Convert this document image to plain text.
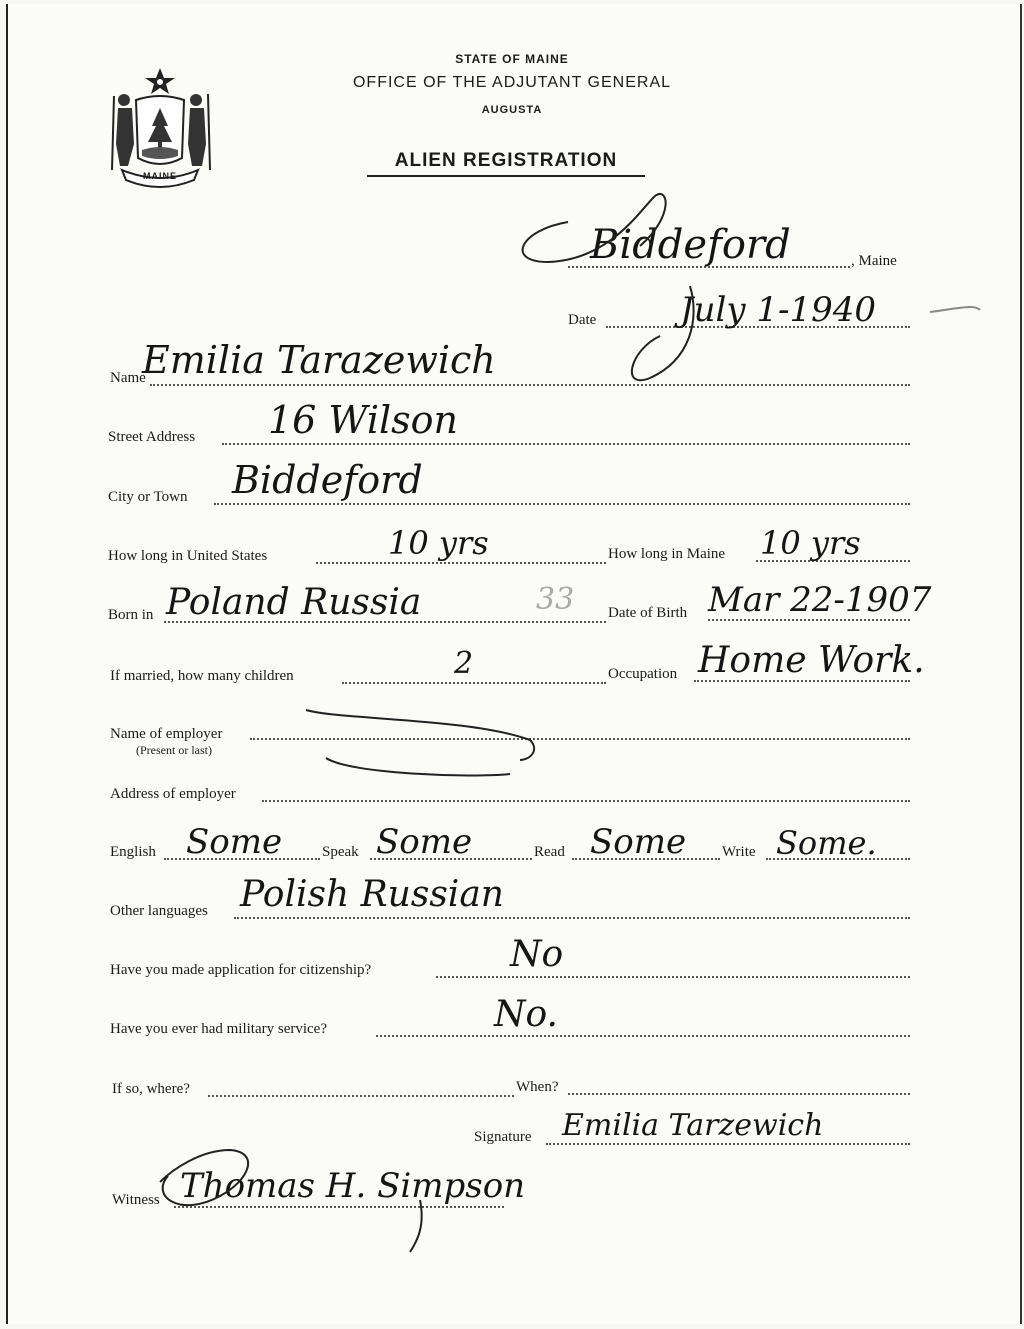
MAINE
STATE OF MAINE
OFFICE OF THE ADJUTANT GENERAL
AUGUSTA
ALIEN REGISTRATION
, Maine
Biddeford
Date July 1-1940
Name
Emilia Tarazewich
Street Address 16 Wilson
City or Town Biddeford
How long in United States	10 yrs	How long in Maine 10 yrs
Born in Poland Russia	33 Date of Birth Mar 22-1907
If married, how many children	2	Occupation Home Work.
Name of employer
(Present or last)
Address of employer
English Some	Speak Some	Read Some Write Some.
Other languages Polish Russian
Have you made application for citizenship?	No
Have you ever had military service?	No.
If so, where?	When?
Signature Emilia Tarzewich
Witness Thomas H. Simpson
